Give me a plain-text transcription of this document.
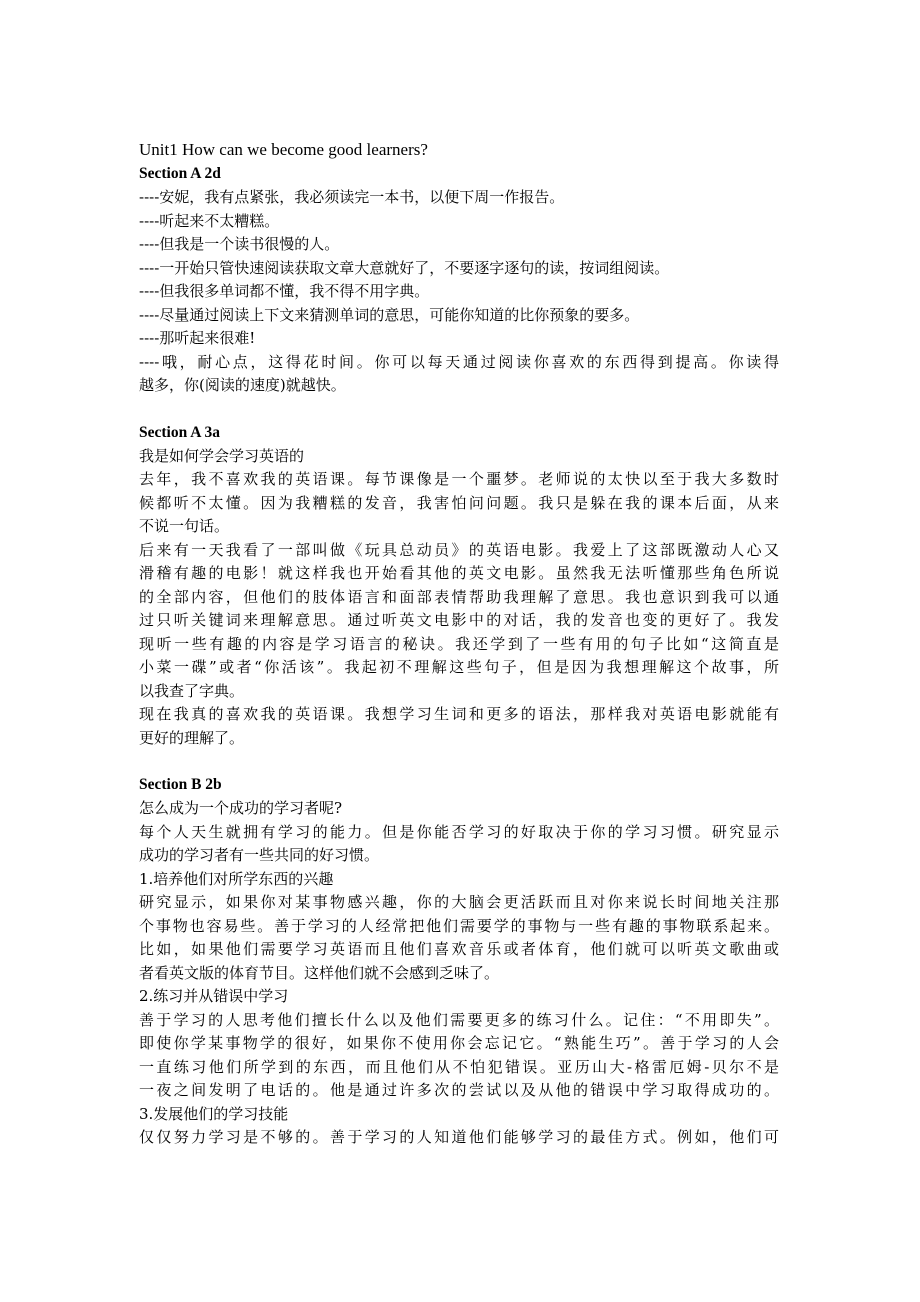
Unit1 How can we become good learners?
Section A 2d
----安妮，我有点紧张，我必须读完一本书，以便下周一作报告。
----听起来不太糟糕。
----但我是一个读书很慢的人。
----一开始只管快速阅读获取文章大意就好了，不要逐字逐句的读，按词组阅读。
----但我很多单词都不懂，我不得不用字典。
----尽量通过阅读上下文来猜测单词的意思，可能你知道的比你预象的要多。
----那听起来很难!
----哦，耐心点，这得花时间。你可以每天通过阅读你喜欢的东西得到提高。你读得
越多，你(阅读的速度)就越快。
Section A 3a
我是如何学会学习英语的
去年，我不喜欢我的英语课。每节课像是一个噩梦。老师说的太快以至于我大多数时
候都听不太懂。因为我糟糕的发音，我害怕问问题。我只是躲在我的课本后面，从来
不说一句话。
后来有一天我看了一部叫做《玩具总动员》的英语电影。我爱上了这部既激动人心又
滑稽有趣的电影！就这样我也开始看其他的英文电影。虽然我无法听懂那些角色所说
的全部内容，但他们的肢体语言和面部表情帮助我理解了意思。我也意识到我可以通
过只听关键词来理解意思。通过听英文电影中的对话，我的发音也变的更好了。我发
现听一些有趣的内容是学习语言的秘诀。我还学到了一些有用的句子比如“这简直是
小菜一碟”或者“你活该”。我起初不理解这些句子，但是因为我想理解这个故事，所
以我查了字典。
现在我真的喜欢我的英语课。我想学习生词和更多的语法，那样我对英语电影就能有
更好的理解了。
Section B 2b
怎么成为一个成功的学习者呢?
每个人天生就拥有学习的能力。但是你能否学习的好取决于你的学习习惯。研究显示
成功的学习者有一些共同的好习惯。
1.培养他们对所学东西的兴趣
研究显示，如果你对某事物感兴趣，你的大脑会更活跃而且对你来说长时间地关注那
个事物也容易些。善于学习的人经常把他们需要学的事物与一些有趣的事物联系起来。
比如，如果他们需要学习英语而且他们喜欢音乐或者体育，他们就可以听英文歌曲或
者看英文版的体育节目。这样他们就不会感到乏味了。
2.练习并从错误中学习
善于学习的人思考他们擅长什么以及他们需要更多的练习什么。记住：“不用即失”。
即使你学某事物学的很好，如果你不使用你会忘记它。“熟能生巧”。善于学习的人会
一直练习他们所学到的东西，而且他们从不怕犯错误。亚历山大-格雷厄姆-贝尔不是
一夜之间发明了电话的。他是通过许多次的尝试以及从他的错误中学习取得成功的。
3.发展他们的学习技能
仅仅努力学习是不够的。善于学习的人知道他们能够学习的最佳方式。例如，他们可
